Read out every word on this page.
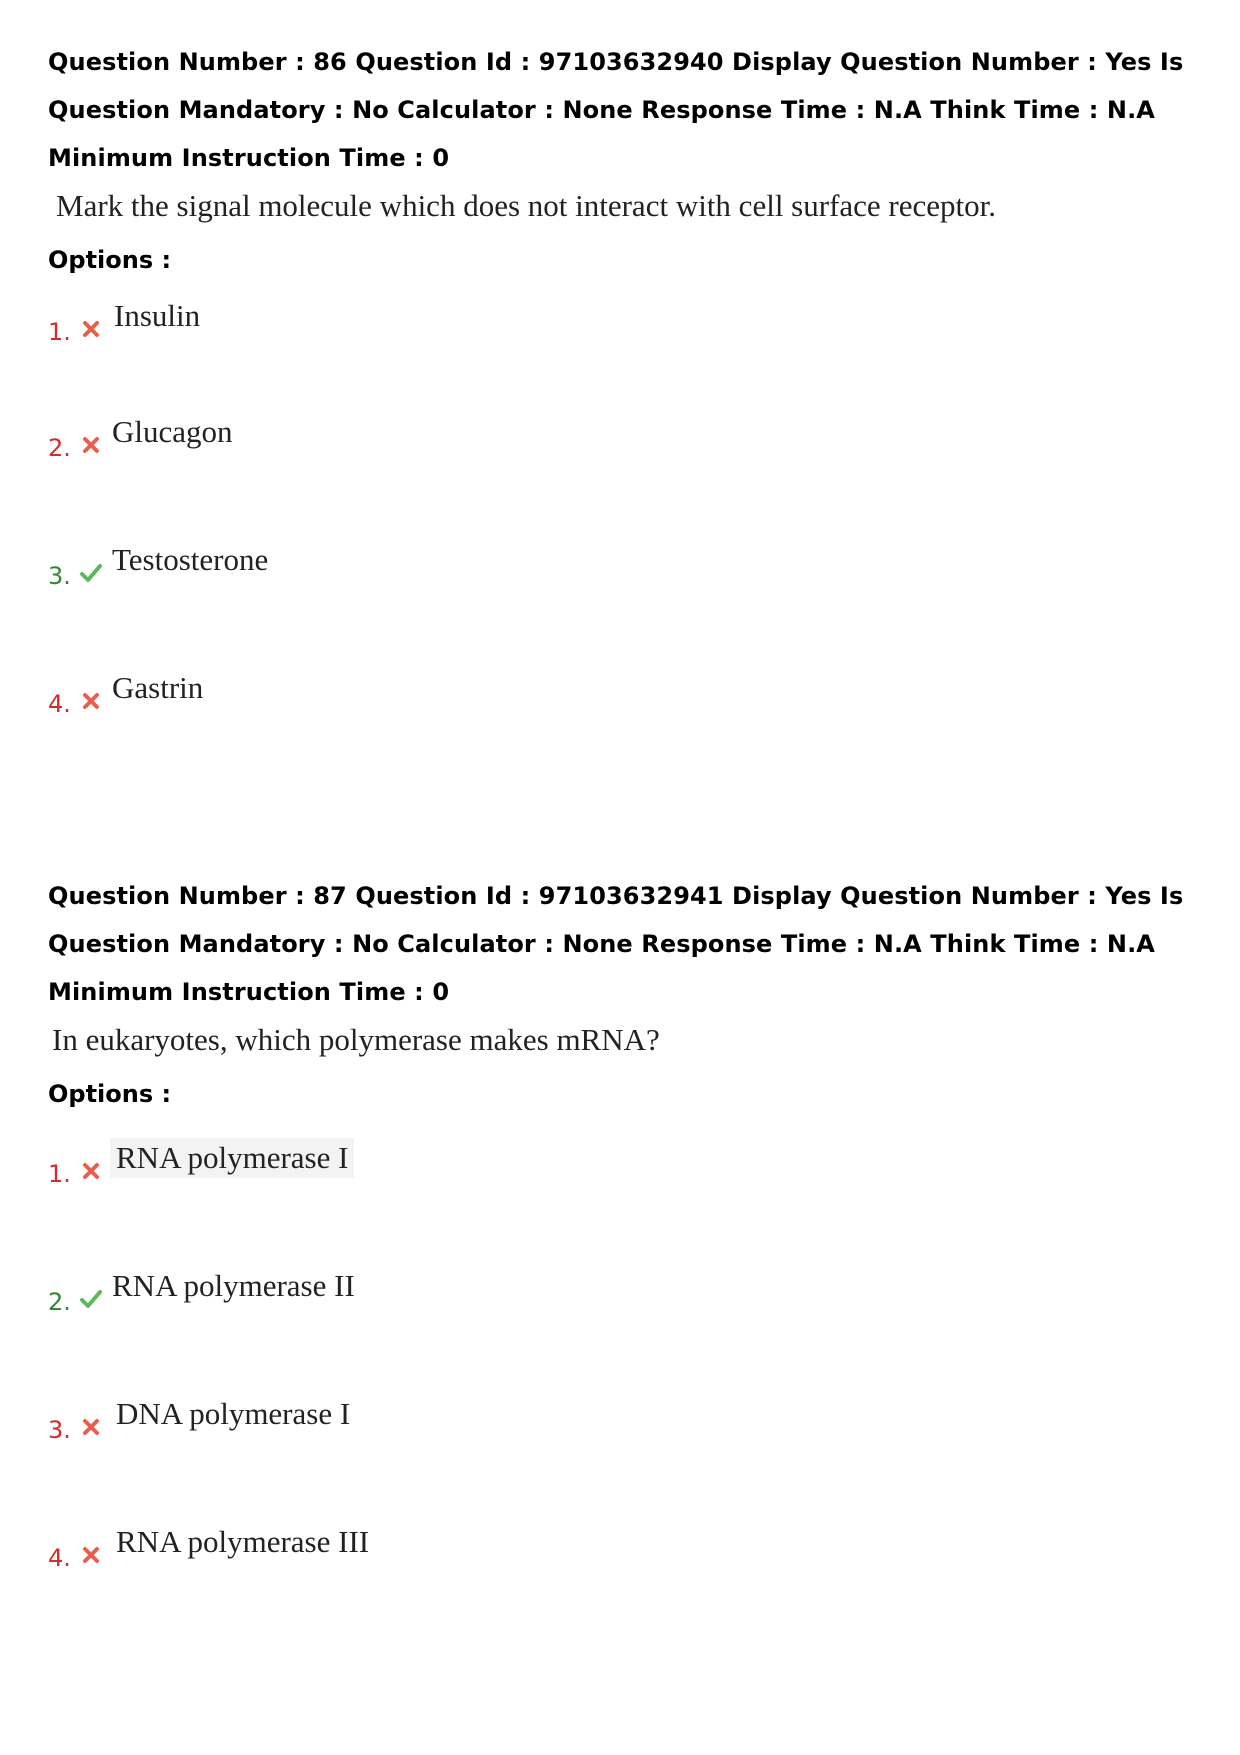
Question Number : 86 Question Id : 97103632940 Display Question Number : Yes Is Question Mandatory : No Calculator : None Response Time : N.A Think Time : N.A Minimum Instruction Time : 0
Mark the signal molecule which does not interact with cell surface receptor.
Options :
1. Insulin
2. Glucagon
3. Testosterone
4. Gastrin
Question Number : 87 Question Id : 97103632941 Display Question Number : Yes Is Question Mandatory : No Calculator : None Response Time : N.A Think Time : N.A Minimum Instruction Time : 0
In eukaryotes, which polymerase makes mRNA?
Options :
1. RNA polymerase I
2. RNA polymerase II
3. DNA polymerase I
4. RNA polymerase III
